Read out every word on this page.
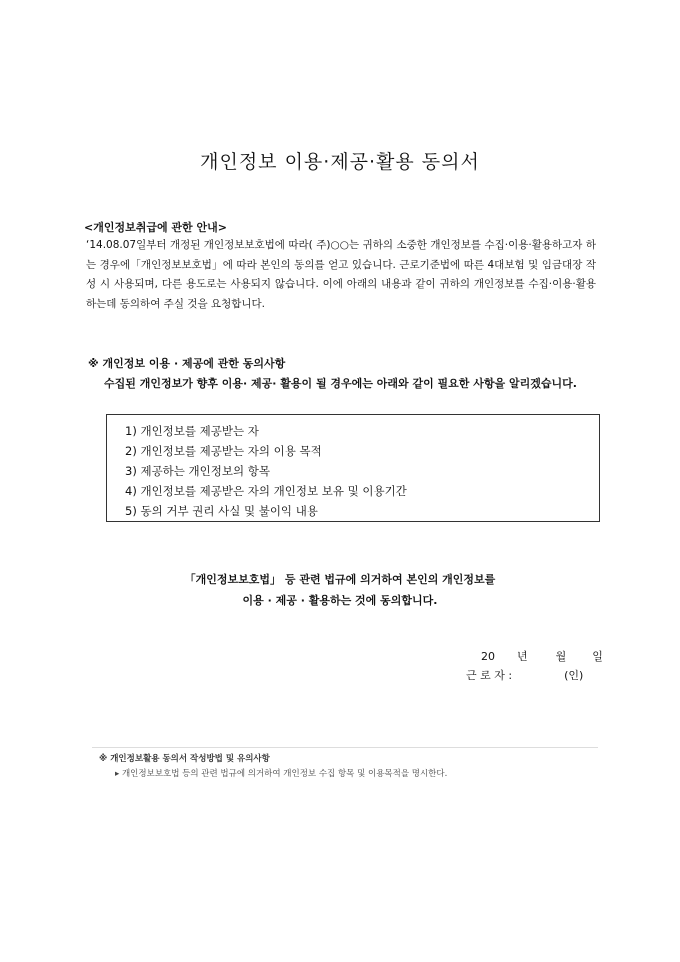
개인정보 이용·제공·활용 동의서
<개인정보취급에 관한 안내>
‘14.08.07일부터 개정된 개인정보보호법에 따라( 주)○○는 귀하의 소중한 개인정보를 수집·이용·활용하고자 하는 경우에「개인정보보호법」에 따라 본인의 동의를 얻고 있습니다. 근로기준법에 따른 4대보험 및 임금대장 작성 시 사용되며, 다른 용도로는 사용되지 않습니다. 이에 아래의 내용과 같이 귀하의 개인정보를 수집·이용·활용하는데 동의하여 주실 것을 요청합니다.
※ 개인정보 이용 · 제공에 관한 동의사항
수집된 개인정보가 향후 이용· 제공· 활용이 될 경우에는 아래와 같이 필요한 사항을 알리겠습니다.
1) 개인정보를 제공받는 자
2) 개인정보를 제공받는 자의 이용 목적
3) 제공하는 개인정보의 항목
4) 개인정보를 제공받은 자의 개인정보 보유 및 이용기간
5) 동의 거부 권리 사실 및 불이익 내용
「개인정보보호법」 등 관련 법규에 의거하여 본인의 개인정보를
이용 · 제공 · 활용하는 것에 동의합니다.
20 년	월 일
근 로 자 :	(인)
※ 개인정보활용 동의서 작성방법 및 유의사항
▸ 개인정보보호법 등의 관련 법규에 의거하여 개인정보 수집 항목 및 이용목적을 명시한다.
